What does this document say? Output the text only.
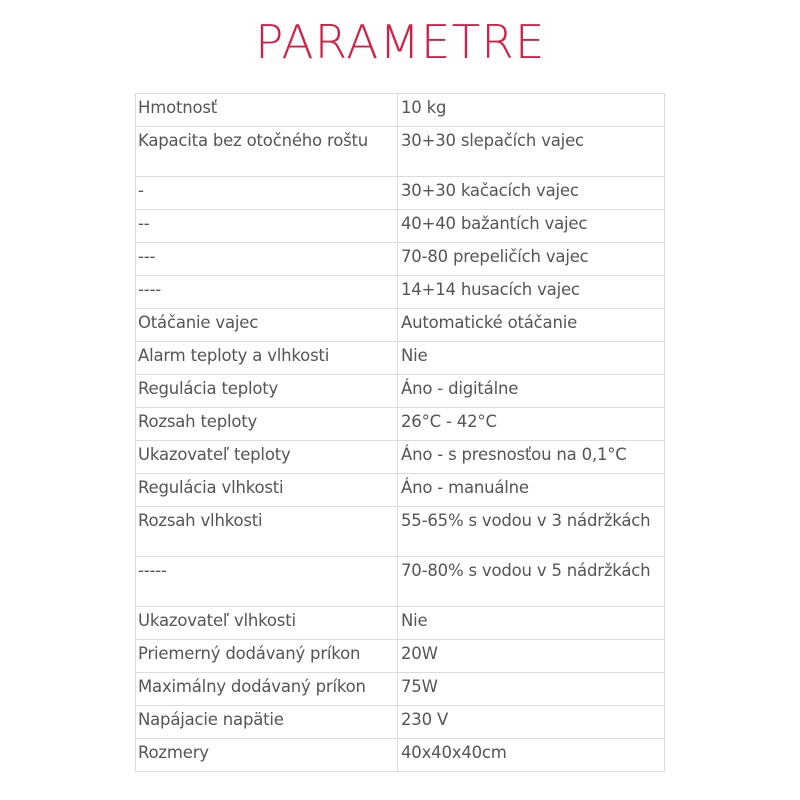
PARAMETRE
Hmotnosť	10 kg
Kapacita bez otočného roštu	30+30 slepačích vajec
-	30+30 kačacích vajec
--	40+40 bažantích vajec
---	70-80 prepeličích vajec
----	14+14 husacích vajec
Otáčanie vajec	Automatické otáčanie
Alarm teploty a vlhkosti	Nie
Regulácia teploty	Áno - digitálne
Rozsah teploty	26°C - 42°C
Ukazovateľ teploty	Áno - s presnosťou na 0,1°C
Regulácia vlhkosti	Áno - manuálne
Rozsah vlhkosti	55-65% s vodou v 3 nádržkách
-----	70-80% s vodou v 5 nádržkách
Ukazovateľ vlhkosti	Nie
Priemerný dodávaný príkon	20W
Maximálny dodávaný príkon	75W
Napájacie napätie	230 V
Rozmery	40x40x40cm
